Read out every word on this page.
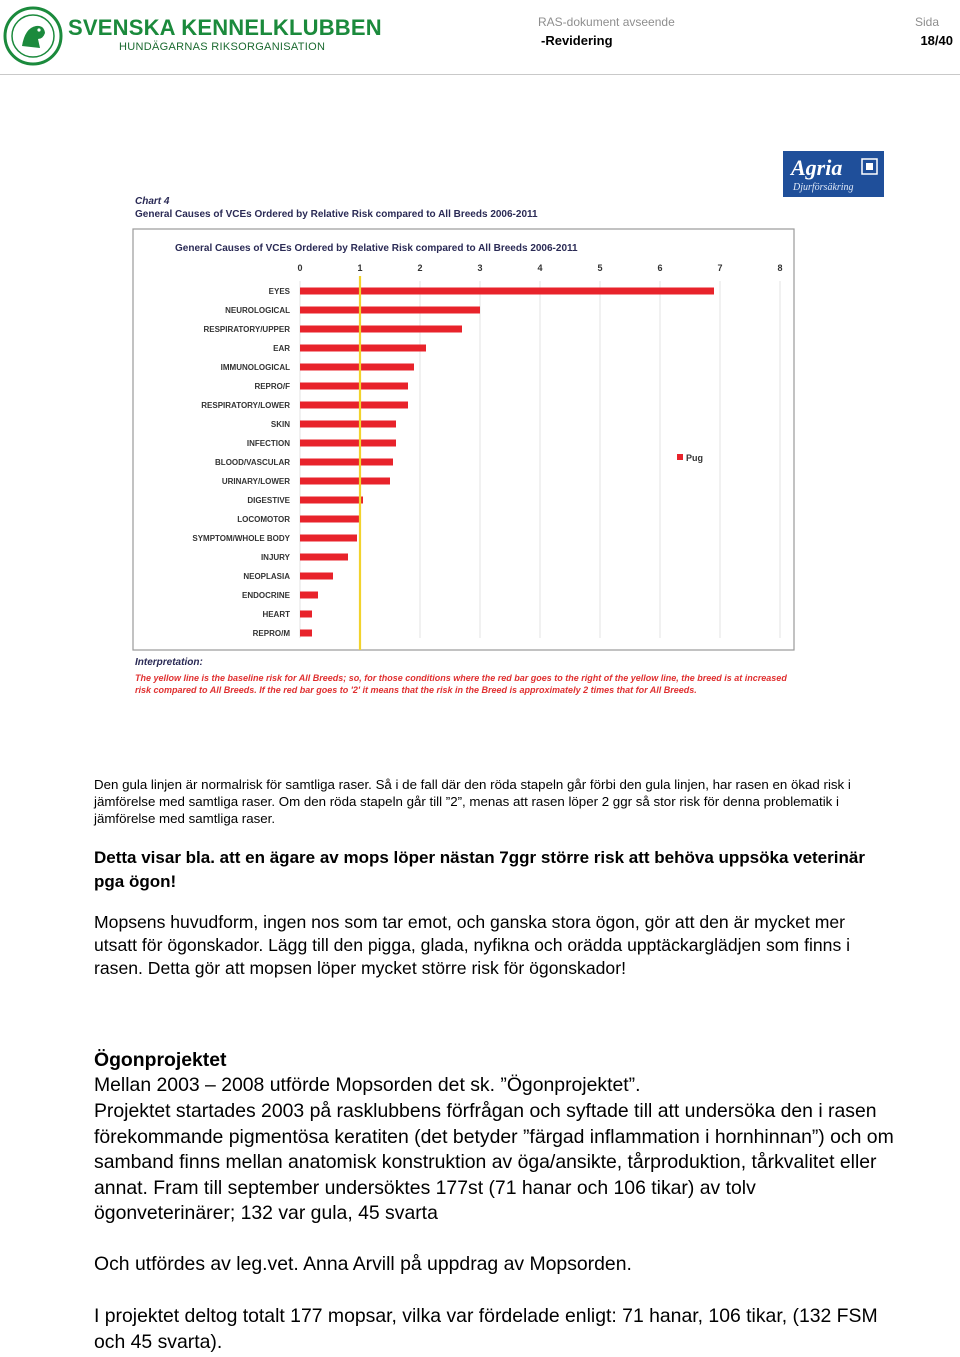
SVENSKA KENNELKLUBBEN
HUNDÄGARNAS RIKSORGANISATION
RAS-dokument avseende
-Revidering
Sida
18/40
Agria
Djurförsäkring
Chart 4
General Causes of VCEs Ordered by Relative Risk compared to All Breeds 2006-2011
General Causes of VCEs Ordered by Relative Risk compared to All Breeds 2006-2011
0	1	2	3	4	5	6	7	8
EYES
NEUROLOGICAL
RESPIRATORY/UPPER
EAR
IMMUNOLOGICAL
REPRO/F
RESPIRATORY/LOWER
SKIN
INFECTION
BLOOD/VASCULAR
URINARY/LOWER
DIGESTIVE
LOCOMOTOR
SYMPTOM/WHOLE BODY
INJURY
NEOPLASIA
ENDOCRINE
HEART
REPRO/M
Pug
Interpretation:
The yellow line is the baseline risk for All Breeds; so, for those conditions where the red bar goes to the right of the yellow line, the breed is at increased risk compared to All Breeds. If the red bar goes to '2' it means that the risk in the Breed is approximately 2 times that for All Breeds.
Den gula linjen är normalrisk för samtliga raser. Så i de fall där den röda stapeln går förbi den gula linjen, har rasen en ökad risk i jämförelse med samtliga raser. Om den röda stapeln går till ”2”, menas att rasen löper 2 ggr så stor risk för denna problematik i jämförelse med samtliga raser.
Detta visar bla. att en ägare av mops löper nästan 7ggr större risk att behöva uppsöka veterinär pga ögon!
Mopsens huvudform, ingen nos som tar emot, och ganska stora ögon, gör att den är mycket mer utsatt för ögonskador. Lägg till den pigga, glada, nyfikna och orädda upptäckarglädjen som finns i rasen. Detta gör att mopsen löper mycket större risk för ögonskador!
Ögonprojektet
Mellan 2003 – 2008 utförde Mopsorden det sk. ”Ögonprojektet”.
Projektet startades 2003 på rasklubbens förfrågan och syftade till att undersöka den i rasen förekommande pigmentösa keratiten (det betyder ”färgad inflammation i hornhinnan”) och om samband finns mellan anatomisk konstruktion av öga/ansikte, tårproduktion, tårkvalitet eller annat. Fram till september undersöktes 177st (71 hanar och 106 tikar) av tolv ögonveterinärer; 132 var gula, 45 svarta
Och utfördes av leg.vet. Anna Arvill på uppdrag av Mopsorden.
I projektet deltog totalt 177 mopsar, vilka var fördelade enligt: 71 hanar, 106 tikar, (132 FSM och 45 svarta).
